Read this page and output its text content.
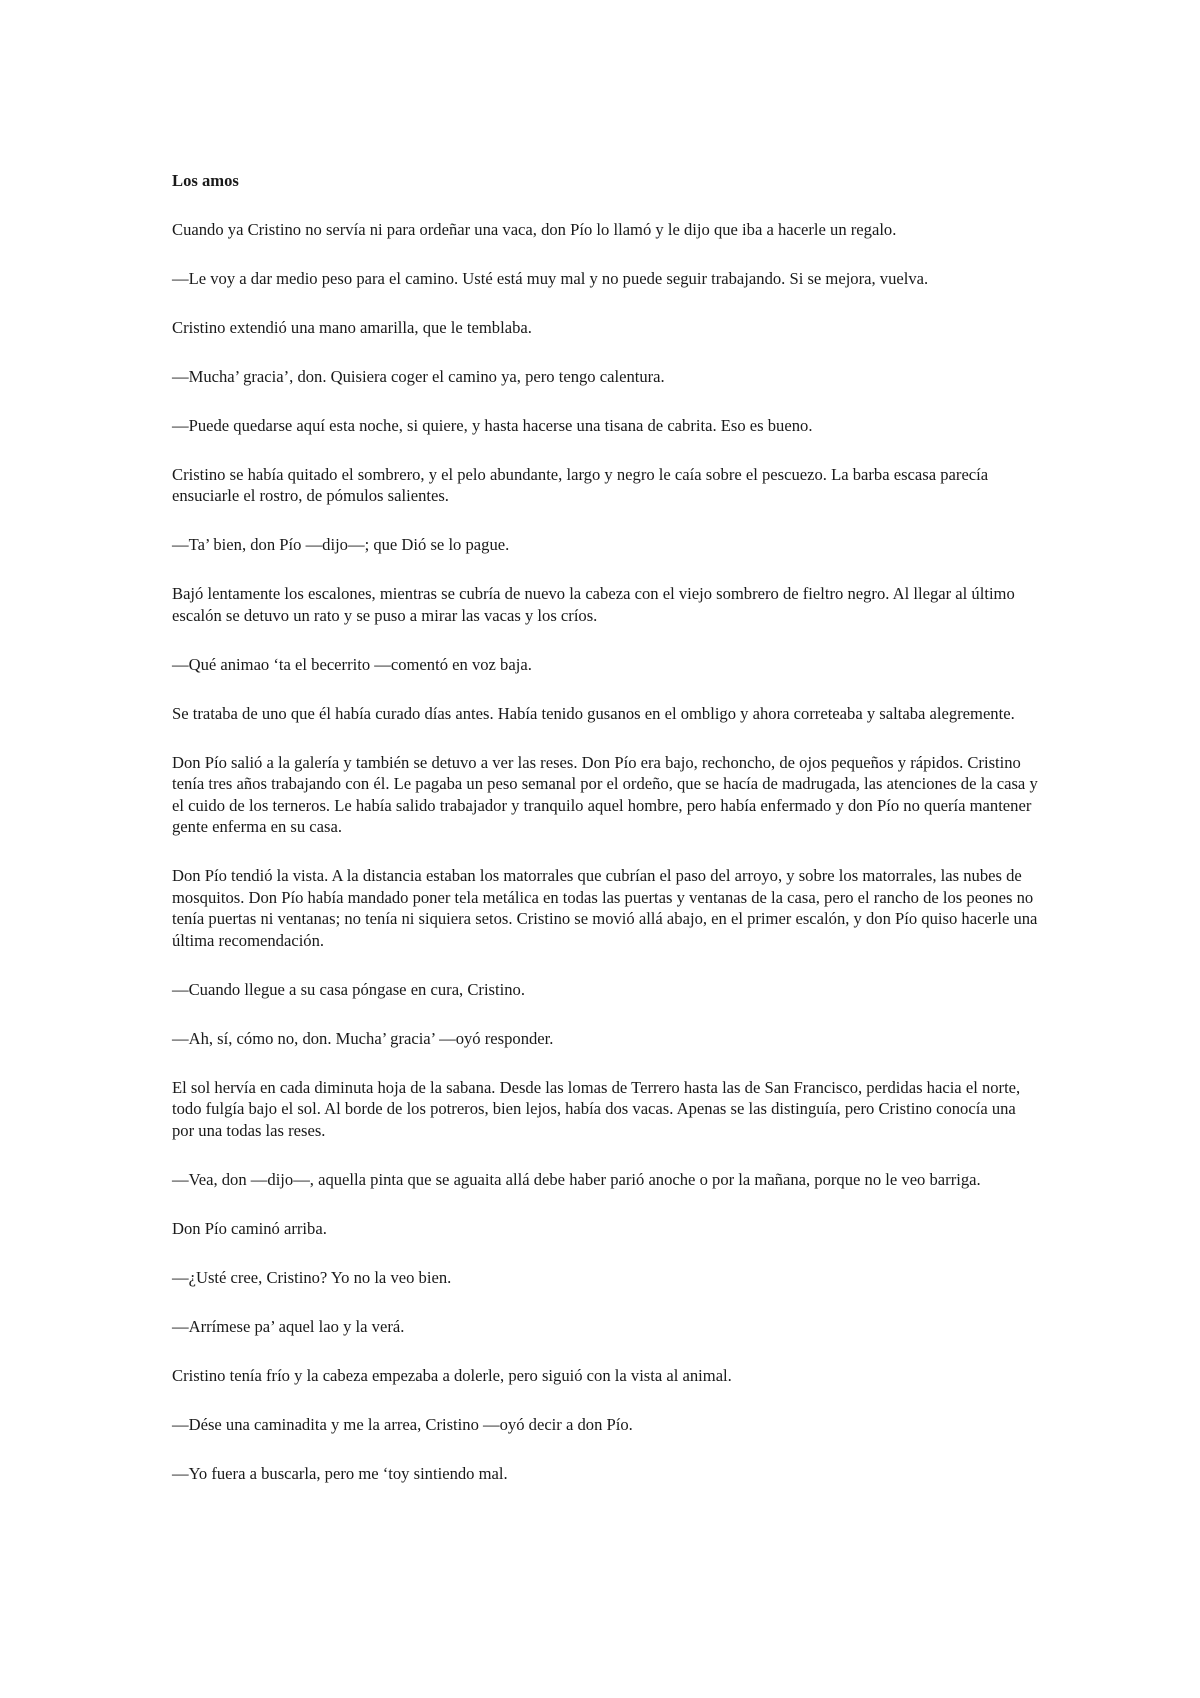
Los amos
Cuando ya Cristino no servía ni para ordeñar una vaca, don Pío lo llamó y le dijo que iba a hacerle un regalo.
—Le voy a dar medio peso para el camino. Usté está muy mal y no puede seguir trabajando. Si se mejora, vuelva.
Cristino extendió una mano amarilla, que le temblaba.
—Mucha’ gracia’, don. Quisiera coger el camino ya, pero tengo calentura.
—Puede quedarse aquí esta noche, si quiere, y hasta hacerse una tisana de cabrita. Eso es bueno.
Cristino se había quitado el sombrero, y el pelo abundante, largo y negro le caía sobre el pescuezo. La barba escasa parecía ensuciarle el rostro, de pómulos salientes.
—Ta’ bien, don Pío —dijo—; que Dió se lo pague.
Bajó lentamente los escalones, mientras se cubría de nuevo la cabeza con el viejo sombrero de fieltro negro. Al llegar al último escalón se detuvo un rato y se puso a mirar las vacas y los críos.
—Qué animao ‘ta el becerrito —comentó en voz baja.
Se trataba de uno que él había curado días antes. Había tenido gusanos en el ombligo y ahora correteaba y saltaba alegremente.
Don Pío salió a la galería y también se detuvo a ver las reses. Don Pío era bajo, rechoncho, de ojos pequeños y rápidos. Cristino tenía tres años trabajando con él. Le pagaba un peso semanal por el ordeño, que se hacía de madrugada, las atenciones de la casa y el cuido de los terneros. Le había salido trabajador y tranquilo aquel hombre, pero había enfermado y don Pío no quería mantener gente enferma en su casa.
Don Pío tendió la vista. A la distancia estaban los matorrales que cubrían el paso del arroyo, y sobre los matorrales, las nubes de mosquitos. Don Pío había mandado poner tela metálica en todas las puertas y ventanas de la casa, pero el rancho de los peones no tenía puertas ni ventanas; no tenía ni siquiera setos. Cristino se movió allá abajo, en el primer escalón, y don Pío quiso hacerle una última recomendación.
—Cuando llegue a su casa póngase en cura, Cristino.
—Ah, sí, cómo no, don. Mucha’ gracia’ —oyó responder.
El sol hervía en cada diminuta hoja de la sabana. Desde las lomas de Terrero hasta las de San Francisco, perdidas hacia el norte, todo fulgía bajo el sol. Al borde de los potreros, bien lejos, había dos vacas. Apenas se las distinguía, pero Cristino conocía una por una todas las reses.
—Vea, don —dijo—, aquella pinta que se aguaita allá debe haber parió anoche o por la mañana, porque no le veo barriga.
Don Pío caminó arriba.
—¿Usté cree, Cristino? Yo no la veo bien.
—Arrímese pa’ aquel lao y la verá.
Cristino tenía frío y la cabeza empezaba a dolerle, pero siguió con la vista al animal.
—Dése una caminadita y me la arrea, Cristino —oyó decir a don Pío.
—Yo fuera a buscarla, pero me ‘toy sintiendo mal.
